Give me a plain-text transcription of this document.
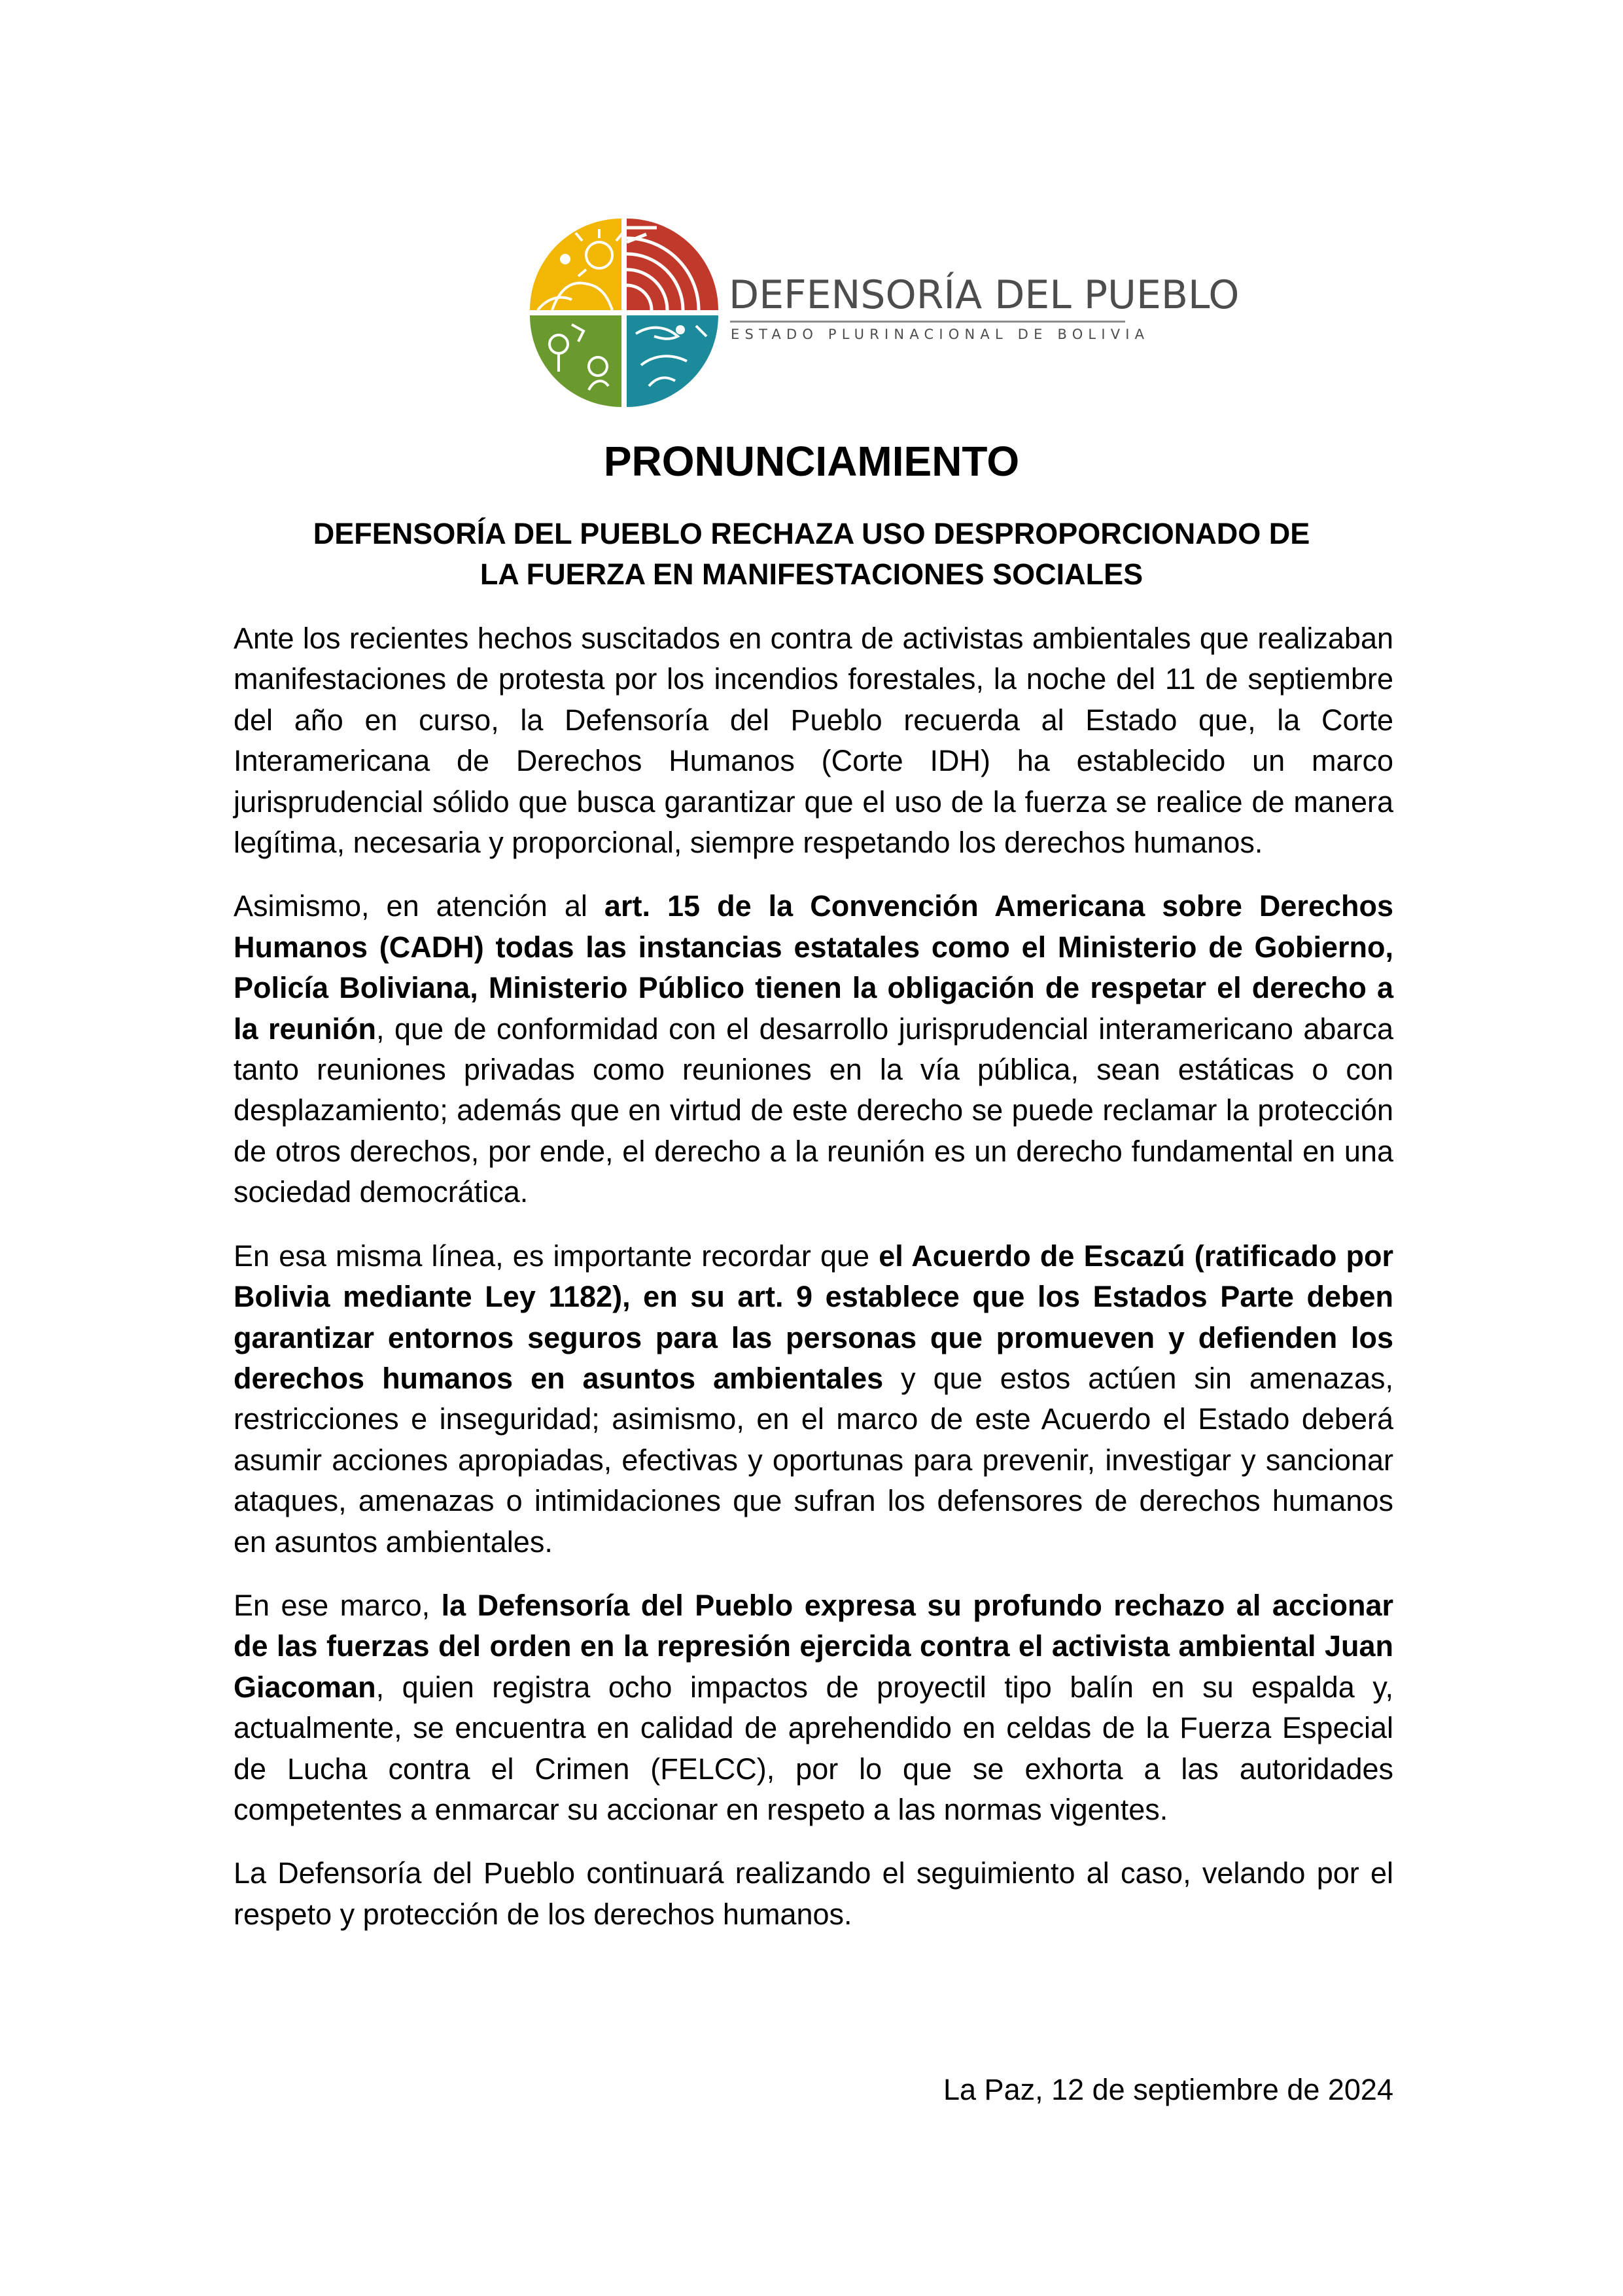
DEFENSORÍA DEL PUEBLO
ESTADO PLURINACIONAL DE BOLIVIA
PRONUNCIAMIENTO
DEFENSORÍA DEL PUEBLO RECHAZA USO DESPROPORCIONADO DE
LA FUERZA EN MANIFESTACIONES SOCIALES

Ante los recientes hechos suscitados en contra de activistas ambientales que realizaban manifestaciones de protesta por los incendios forestales, la noche del 11 de septiembre del año en curso, la Defensoría del Pueblo recuerda al Estado que, la Corte Interamericana de Derechos Humanos (Corte IDH) ha establecido un marco jurisprudencial sólido que busca garantizar que el uso de la fuerza se realice de manera legítima, necesaria y proporcional, siempre respetando los derechos humanos.

Asimismo, en atención al art. 15 de la Convención Americana sobre Derechos Humanos (CADH) todas las instancias estatales como el Ministerio de Gobierno, Policía Boliviana, Ministerio Público tienen la obligación de respetar el derecho a la reunión, que de conformidad con el desarrollo jurisprudencial interamericano abarca tanto reuniones privadas como reuniones en la vía pública, sean estáticas o con desplazamiento; además que en virtud de este derecho se puede reclamar la protección de otros derechos, por ende, el derecho a la reunión es un derecho fundamental en una sociedad democrática.

En esa misma línea, es importante recordar que el Acuerdo de Escazú (ratificado por Bolivia mediante Ley 1182), en su art. 9 establece que los Estados Parte deben garantizar entornos seguros para las personas que promueven y defienden los derechos humanos en asuntos ambientales y que estos actúen sin amenazas, restricciones e inseguridad; asimismo, en el marco de este Acuerdo el Estado deberá asumir acciones apropiadas, efectivas y oportunas para prevenir, investigar y sancionar ataques, amenazas o intimidaciones que sufran los defensores de derechos humanos en asuntos ambientales.

En ese marco, la Defensoría del Pueblo expresa su profundo rechazo al accionar de las fuerzas del orden en la represión ejercida contra el activista ambiental Juan Giacoman, quien registra ocho impactos de proyectil tipo balín en su espalda y, actualmente, se encuentra en calidad de aprehendido en celdas de la Fuerza Especial de Lucha contra el Crimen (FELCC), por lo que se exhorta a las autoridades competentes a enmarcar su accionar en respeto a las normas vigentes.

La Defensoría del Pueblo continuará realizando el seguimiento al caso, velando por el respeto y protección de los derechos humanos.

La Paz, 12 de septiembre de 2024
